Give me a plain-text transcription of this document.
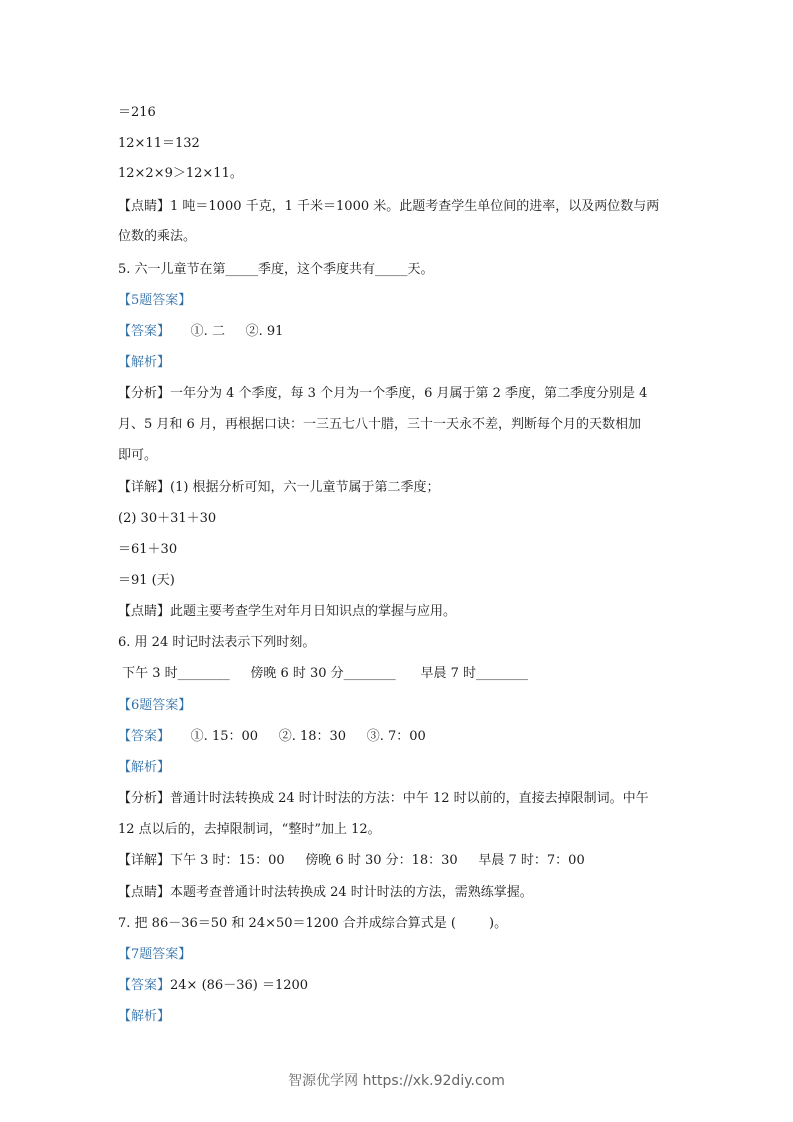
＝216
12×11＝132
12×2×9＞12×11。
【点睛】1 吨＝1000 千克，1 千米＝1000 米。此题考查学生单位间的进率，以及两位数与两
位数的乘法。
5. 六一儿童节在第_____季度，这个季度共有_____天。
【5题答案】
【答案】     ①. 二     ②. 91
【解析】
【分析】一年分为 4 个季度，每 3 个月为一个季度，6 月属于第 2 季度，第二季度分别是 4
月、5 月和 6 月，再根据口诀：一三五七八十腊，三十一天永不差，判断每个月的天数相加
即可。
【详解】(1) 根据分析可知，六一儿童节属于第二季度；
(2) 30＋31＋30
＝61＋30
＝91 (天)
【点睛】此题主要考查学生对年月日知识点的掌握与应用。
6. 用 24 时记时法表示下列时刻。
下午 3 时________     傍晚 6 时 30 分________      早晨 7 时________
【6题答案】
【答案】     ①. 15：00     ②. 18：30     ③. 7：00
【解析】
【分析】普通计时法转换成 24 时计时法的方法：中午 12 时以前的，直接去掉限制词。中午
12 点以后的，去掉限制词，“整时”加上 12。
【详解】下午 3 时：15：00     傍晚 6 时 30 分：18：30     早晨 7 时：7：00
【点睛】本题考查普通计时法转换成 24 时计时法的方法，需熟练掌握。
7. 把 86－36＝50 和 24×50＝1200 合并成综合算式是 (        )。
【7题答案】
【答案】24× (86－36) ＝1200
【解析】
智源优学网 https://xk.92diy.com
